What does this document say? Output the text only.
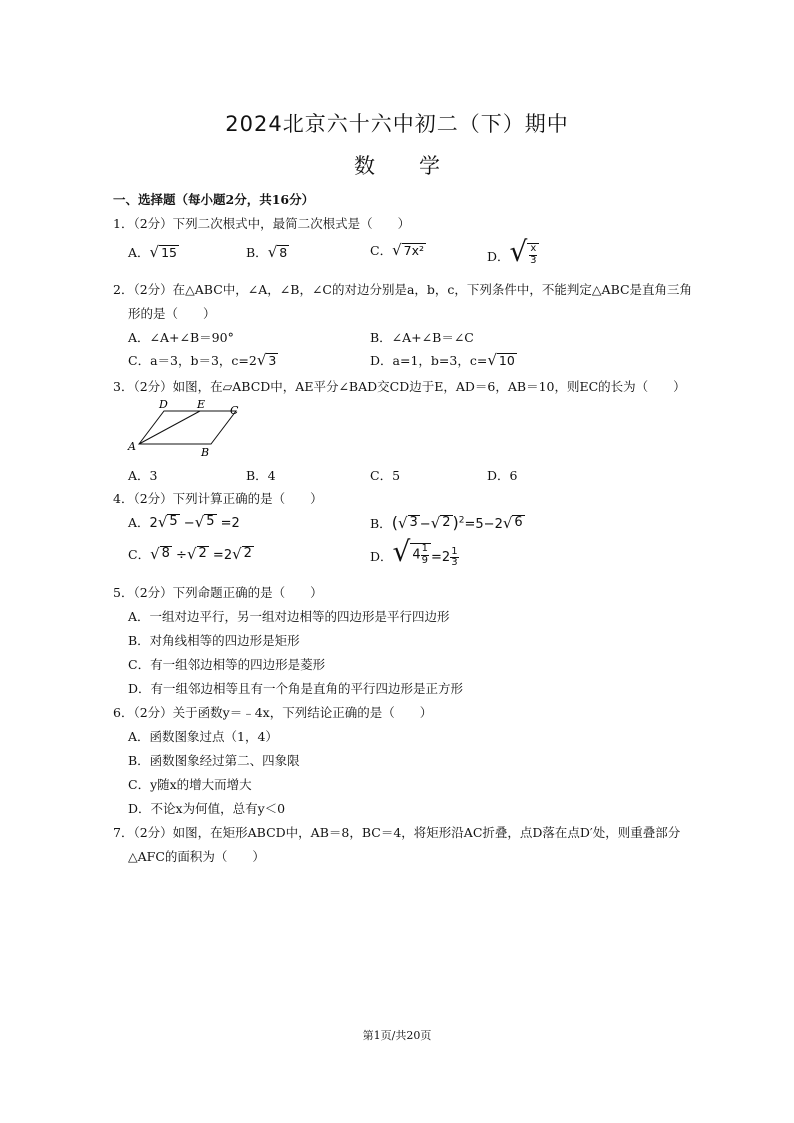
2024北京六十六中初二（下）期中
数 学
一、选择题（每小题2分，共16分）
1．（2分）下列二次根式中，最简二次根式是（　　）
A． √ 15	B． √ 8	C． √ 7x²	D． √ $\frac{x}{3}$
2．（2分）在△ABC中，∠A，∠B，∠C的对边分别是a，b，c，下列条件中，不能判定△ABC是直角三角
形的是（　　）
A．∠A+∠B＝90°	B．∠A+∠B＝∠C
C．a＝3，b＝3，c=2 √ 3	D．a=1，b=3，c= √ 10
3．（2分）如图，在▱ABCD中，AE平分∠BAD交CD边于E，AD＝6，AB＝10，则EC的长为（　　）
D	E C
A	B
A．3	B．4	C．5	D．6
4．（2分）下列计算正确的是（　　）
A．2 √ 5 − √ 5 =2	B．( √ 3 − √ 2 )$^2$=5−2 √ 6
C． √ 8 ÷ √ 2 =2 √ 2	D． √ $4 \frac{1}{9} =2 \frac{1}{3}$
5．（2分）下列命题正确的是（　　）
A．一组对边平行，另一组对边相等的四边形是平行四边形
B．对角线相等的四边形是矩形
C．有一组邻边相等的四边形是菱形
D．有一组邻边相等且有一个角是直角的平行四边形是正方形
6．（2分）关于函数y＝﹣4x，下列结论正确的是（　　）
A．函数图象过点（1，4）
B．函数图象经过第二、四象限
C．y随x的增大而增大
D．不论x为何值，总有y＜0
7．（2分）如图，在矩形ABCD中，AB＝8，BC＝4，将矩形沿AC折叠，点D落在点D′处，则重叠部分
△AFC的面积为（　　）
第1页/共20页
